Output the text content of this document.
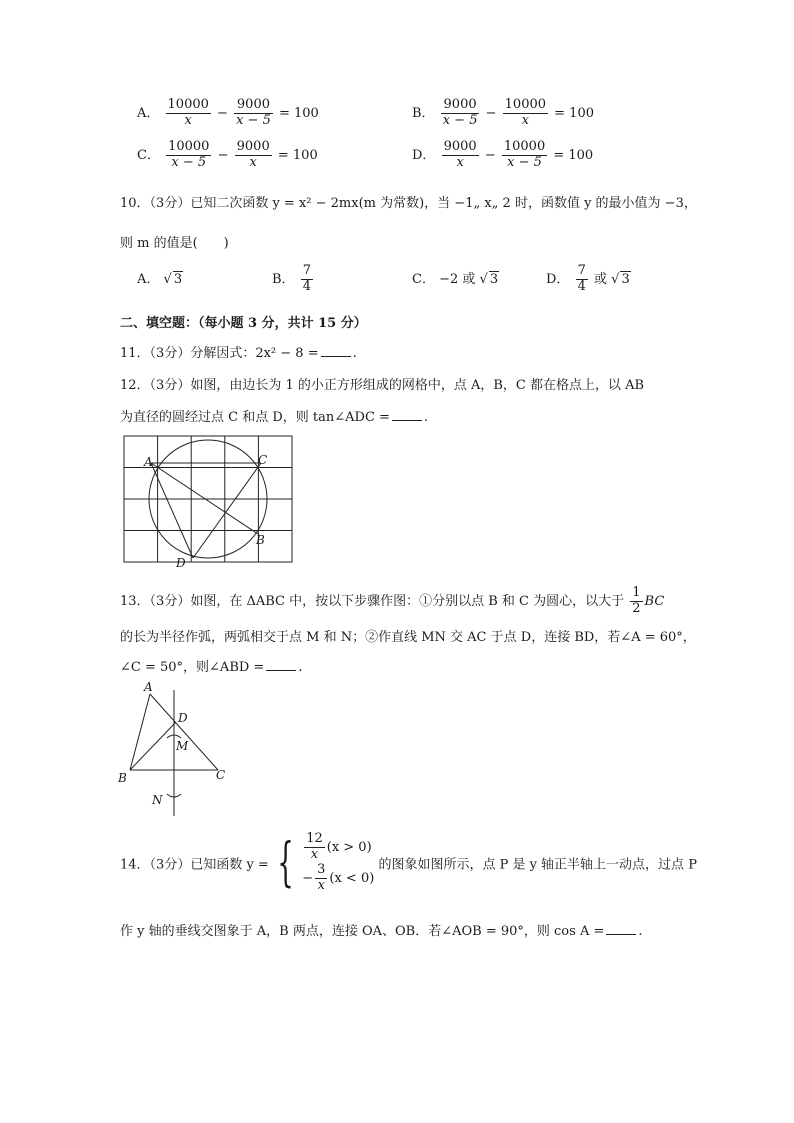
A． $\frac{10000}{x} - \frac{9000}{x - 5} = 100$	B． $\frac{9000}{x - 5} - \frac{10000}{x} = 100$
C． $\frac{10000}{x - 5} - \frac{9000}{x} = 100$	D． $\frac{9000}{x} - \frac{10000}{x - 5} = 100$
10．（3分）已知二次函数 y = x² − 2mx(m 为常数)，当 −1„ x„ 2 时，函数值 y 的最小值为 −3，
则 m 的值是(　　)
A． √ 3	B． $\frac{7}{4}$	C． −2 或 √ 3	D． $\frac{7}{4}$ 或 √ 3
二、填空题：（每小题 3 分，共计 15 分）
11．（3分）分解因式：2x² − 8 =	.
12．（3分）如图，由边长为 1 的小正方形组成的网格中，点 A，B，C 都在格点上，以 AB
为直径的圆经过点 C 和点 D，则 tan∠ADC =	.
A	C
B
D
13．（3分）如图，在 ΔABC 中，按以下步骤作图：①分别以点 B 和 C 为圆心，以大于 $\frac{1}{2}$ BC
的长为半径作弧，两弧相交于点 M 和 N；②作直线 MN 交 AC 于点 D，连接 BD，若∠A = 60°，
∠C = 50°，则∠ABD =	.
A
D
M
B	C
N
14．（3分）已知函数 y = { $\frac{12}{x} (x > 0)$
− $\frac{3}{x} (x < 0)$
的图象如图所示，点 P 是 y 轴正半轴上一动点，过点 P
作 y 轴的垂线交图象于 A，B 两点，连接 OA、OB．若∠AOB = 90°，则 cos A =	.
